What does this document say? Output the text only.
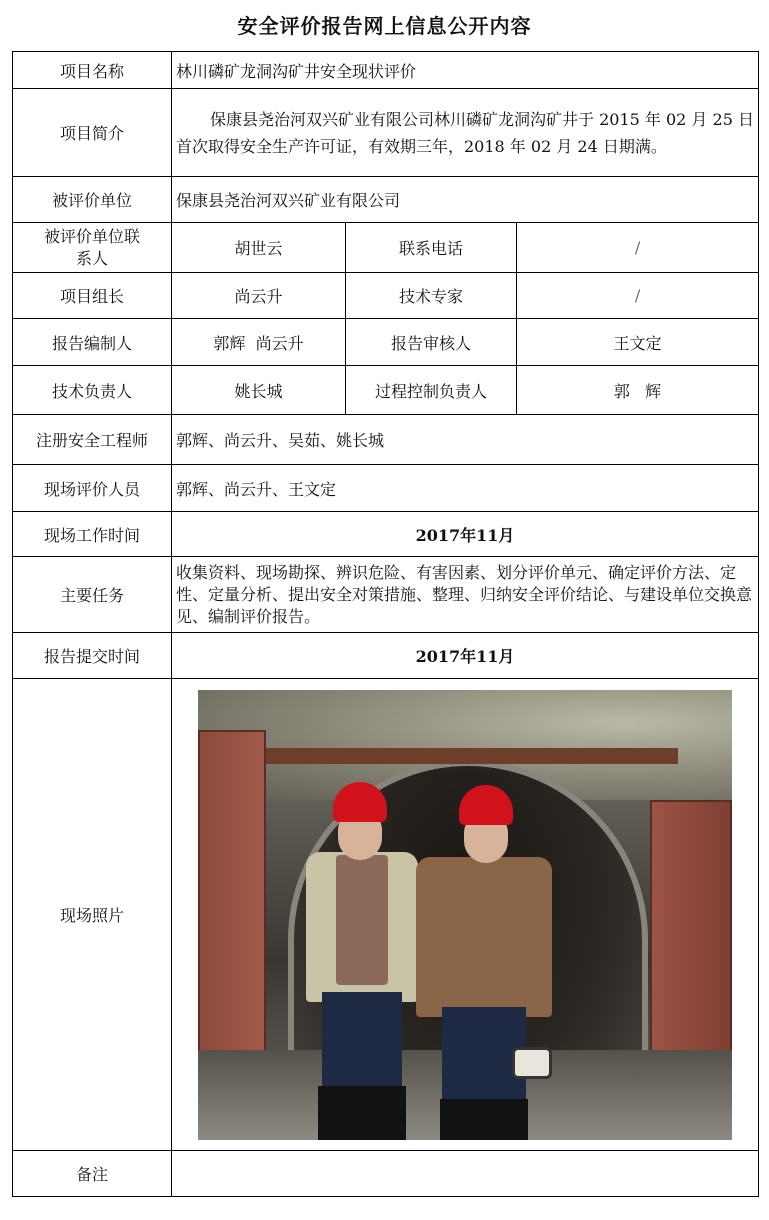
安全评价报告网上信息公开内容
项目名称	林川磷矿龙洞沟矿井安全现状评价		
项目简介	保康县尧治河双兴矿业有限公司林川磷矿龙洞沟矿井于 2015 年 02 月 25 日首次取得安全生产许可证，有效期三年，2018 年 02 月 24 日期满。		
被评价单位	保康县尧治河双兴矿业有限公司		
被评价单位联系人	胡世云	联系电话	/
项目组长	尚云升	技术专家	/
报告编制人	郭辉  尚云升	报告审核人	王文定
技术负责人	姚长城	过程控制负责人	郭   辉
注册安全工程师	郭辉、尚云升、吴茹、姚长城		
现场评价人员	郭辉、尚云升、王文定		
现场工作时间	2017年11月		
主要任务	收集资料、现场勘探、辨识危险、有害因素、划分评价单元、确定评价方法、定性、定量分析、提出安全对策措施、整理、归纳安全评价结论、与建设单位交换意见、编制评价报告。		
报告提交时间	2017年11月		
现场照片			

备注			
